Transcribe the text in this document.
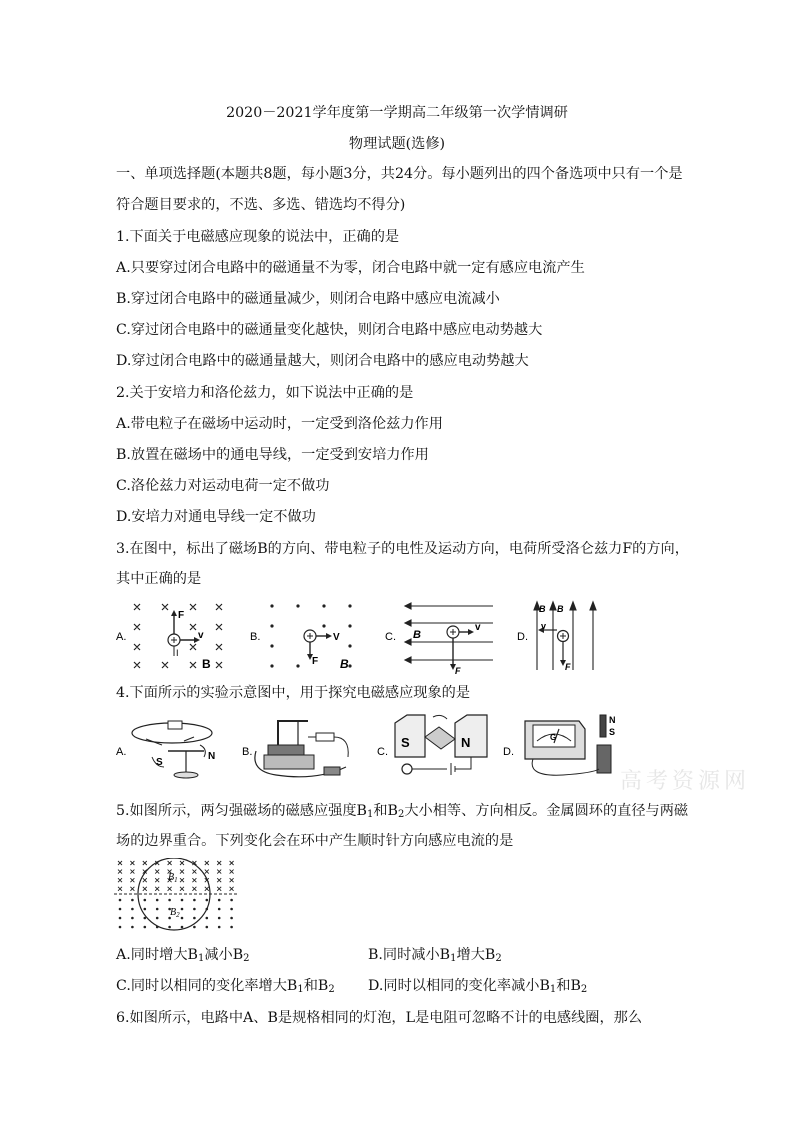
2020－2021学年度第一学期高二年级第一次学情调研
物理试题(选修)
一、单项选择题(本题共8题，每小题3分，共24分。每小题列出的四个备选项中只有一个是
符合题目要求的，不选、多选、错选均不得分)
1.下面关于电磁感应现象的说法中，正确的是
A.只要穿过闭合电路中的磁通量不为零，闭合电路中就一定有感应电流产生
B.穿过闭合电路中的磁通量减少，则闭合电路中感应电流减小
C.穿过闭合电路中的磁通量变化越快，则闭合电路中感应电动势越大
D.穿过闭合电路中的磁通量越大，则闭合电路中的感应电动势越大
2.关于安培力和洛伦兹力，如下说法中正确的是
A.带电粒子在磁场中运动时，一定受到洛伦兹力作用
B.放置在磁场中的通电导线，一定受到安培力作用
C.洛伦兹力对运动电荷一定不做功
D.安培力对通电导线一定不做功
3.在图中，标出了磁场B的方向、带电粒子的电性及运动方向，电荷所受洛仑兹力F的方向，
其中正确的是
A.
F
v
I
B
B.	V
F B
C.
v
F
B	D.
B B
v
F
4.下面所示的实验示意图中，用于探究电磁感应现象的是
A.
S
N B.	C.
S	N
D.
G
N
S
高考资源网
5.如图所示，两匀强磁场的磁感应强度$B_1$和$B_2$大小相等、方向相反。金属圆环的直径与两磁
场的边界重合。下列变化会在环中产生顺时针方向感应电流的是
$B_1$
$B_2$
A.同时增大$B_1$减小$B_2$	B.同时减小$B_1$增大$B_2$
C.同时以相同的变化率增大$B_1$和$B_2$ D.同时以相同的变化率减小$B_1$和$B_2$
6.如图所示，电路中A、B是规格相同的灯泡，L是电阻可忽略不计的电感线圈，那么
